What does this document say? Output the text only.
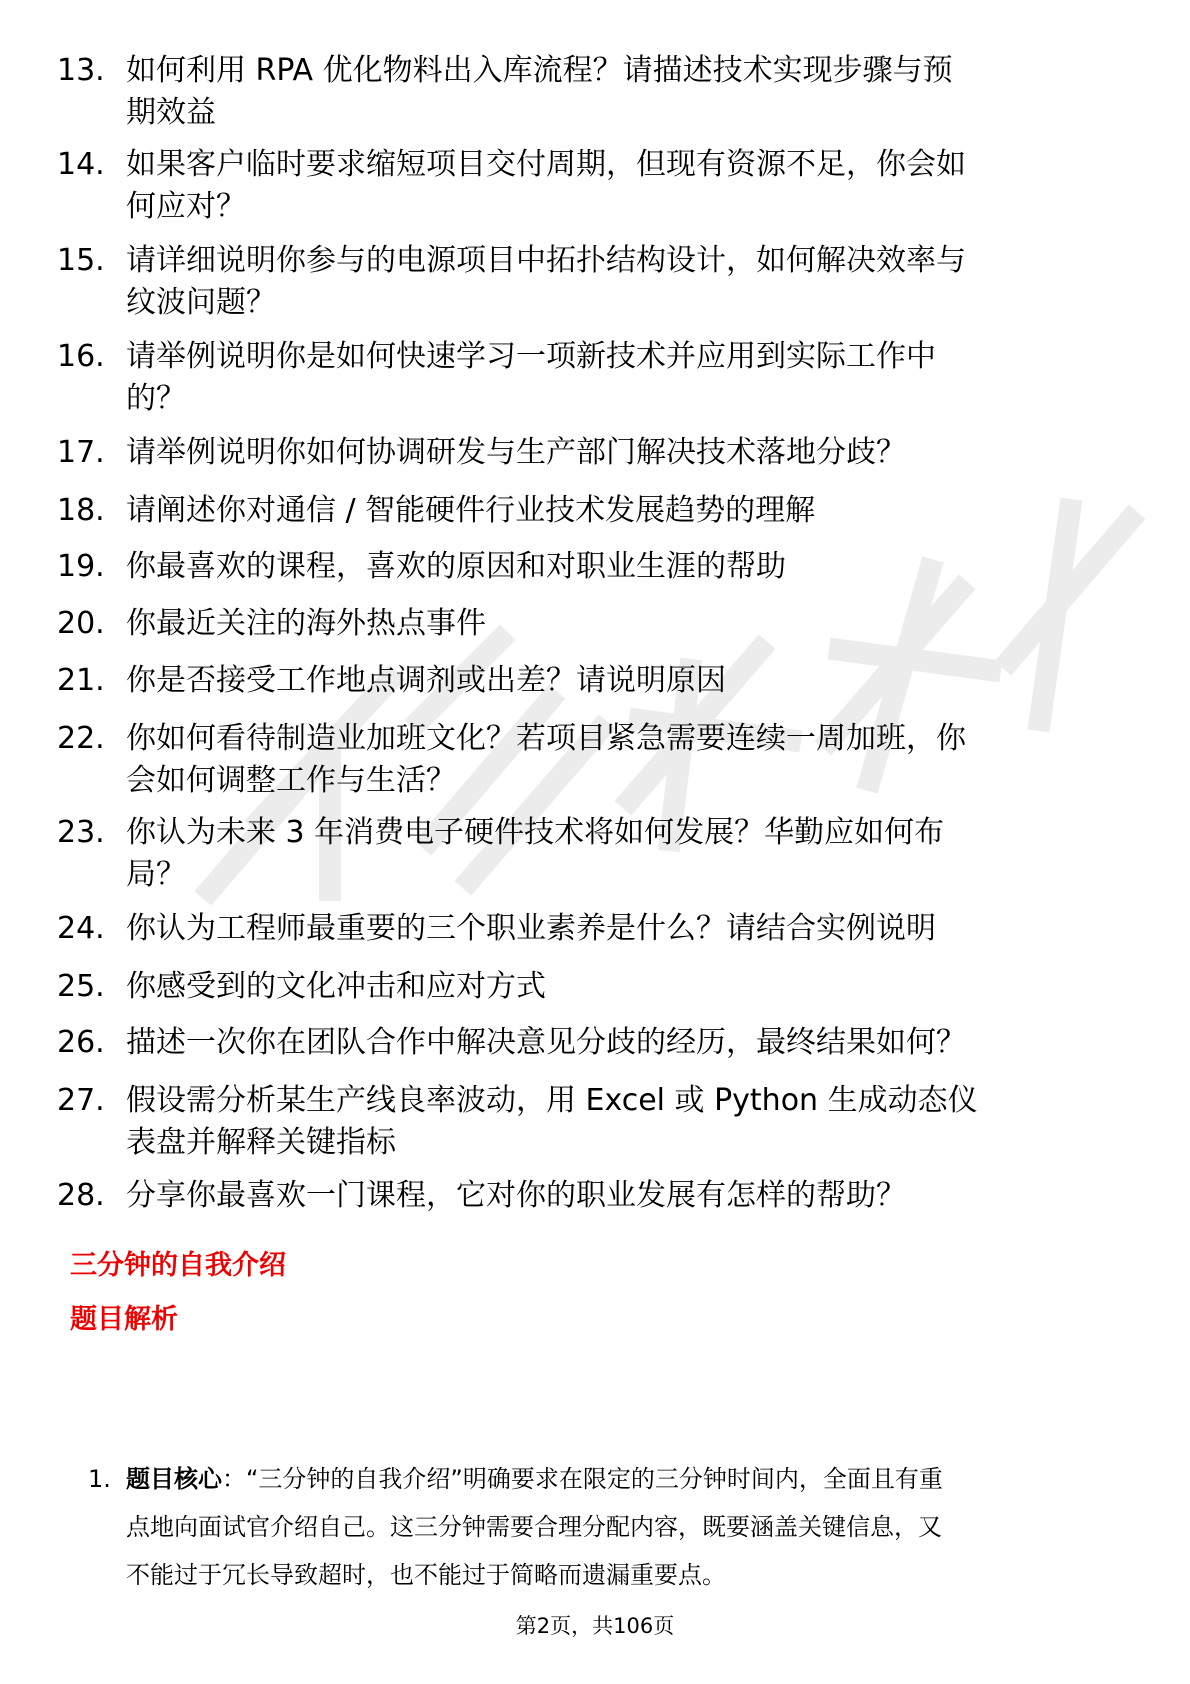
13. 如何利用 RPA 优化物料出入库流程？请描述技术实现步骤与预
期效益
14. 如果客户临时要求缩短项目交付周期，但现有资源不足，你会如
何应对？
15. 请详细说明你参与的电源项目中拓扑结构设计，如何解决效率与
纹波问题？
16. 请举例说明你是如何快速学习一项新技术并应用到实际工作中
的？
17. 请举例说明你如何协调研发与生产部门解决技术落地分歧？
18. 请阐述你对通信 / 智能硬件行业技术发展趋势的理解
19. 你最喜欢的课程，喜欢的原因和对职业生涯的帮助
20. 你最近关注的海外热点事件
21. 你是否接受工作地点调剂或出差？请说明原因
22. 你如何看待制造业加班文化？若项目紧急需要连续一周加班，你
会如何调整工作与生活？
23. 你认为未来 3 年消费电子硬件技术将如何发展？华勤应如何布
局？
24. 你认为工程师最重要的三个职业素养是什么？请结合实例说明
25. 你感受到的文化冲击和应对方式
26. 描述一次你在团队合作中解决意见分歧的经历，最终结果如何？
27. 假设需分析某生产线良率波动，用 Excel 或 Python 生成动态仪
表盘并解释关键指标
28. 分享你最喜欢一门课程，它对你的职业发展有怎样的帮助？
三分钟的自我介绍
题目解析
1. 题目核心：“三分钟的自我介绍”明确要求在限定的三分钟时间内，全面且有重
点地向面试官介绍自己。这三分钟需要合理分配内容，既要涵盖关键信息，又
不能过于冗长导致超时，也不能过于简略而遗漏重要点。
第2页，共106页
